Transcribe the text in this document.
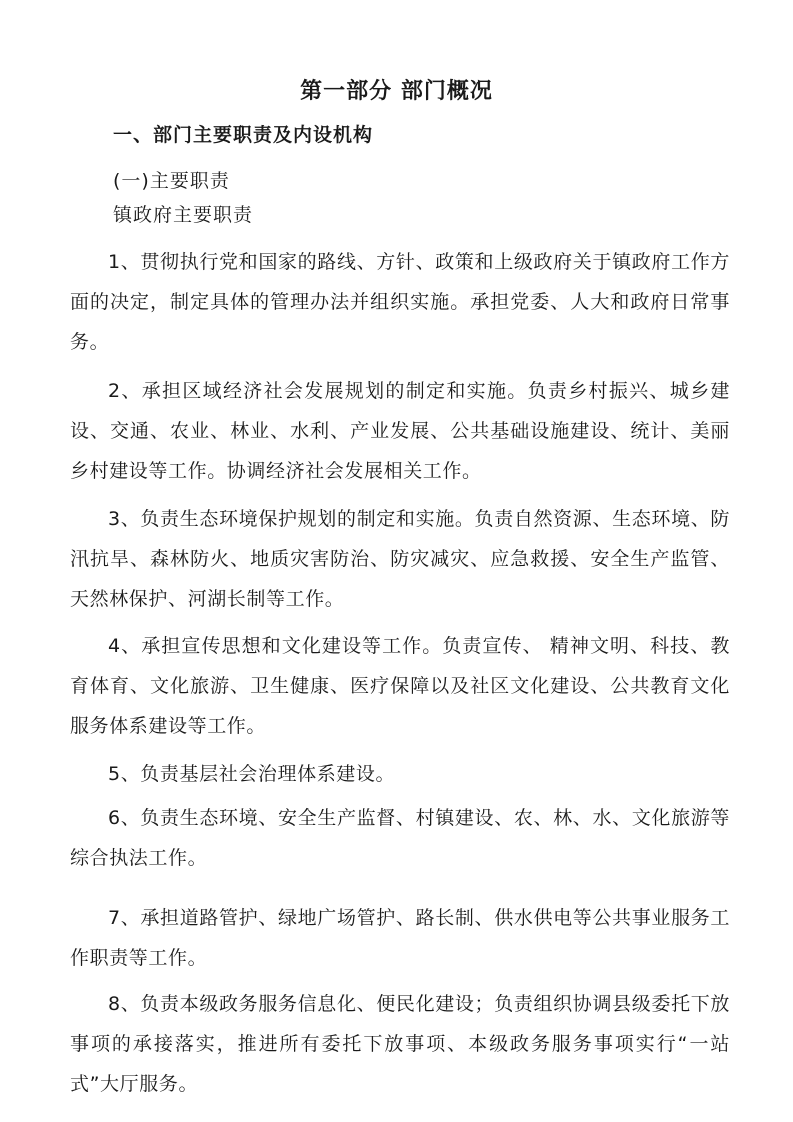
第一部分 部门概况
一、部门主要职责及内设机构
(一)主要职责
镇政府主要职责
1、贯彻执行党和国家的路线、方针、政策和上级政府关于镇政府工作方面的决定，制定具体的管理办法并组织实施。承担党委、人大和政府日常事务。
2、承担区域经济社会发展规划的制定和实施。负责乡村振兴、城乡建设、交通、农业、林业、水利、产业发展、公共基础设施建设、统计、美丽乡村建设等工作。协调经济社会发展相关工作。
3、负责生态环境保护规划的制定和实施。负责自然资源、生态环境、防汛抗旱、森林防火、地质灾害防治、防灾减灾、应急救援、安全生产监管、天然林保护、河湖长制等工作。
4、承担宣传思想和文化建设等工作。负责宣传、 精神文明、科技、教育体育、文化旅游、卫生健康、医疗保障以及社区文化建设、公共教育文化服务体系建设等工作。
5、负责基层社会治理体系建设。
6、负责生态环境、安全生产监督、村镇建设、农、林、水、文化旅游等综合执法工作。
7、承担道路管护、绿地广场管护、路长制、供水供电等公共事业服务工作职责等工作。
8、负责本级政务服务信息化、便民化建设；负责组织协调县级委托下放事项的承接落实，推进所有委托下放事项、本级政务服务事项实行“一站式”大厅服务。
